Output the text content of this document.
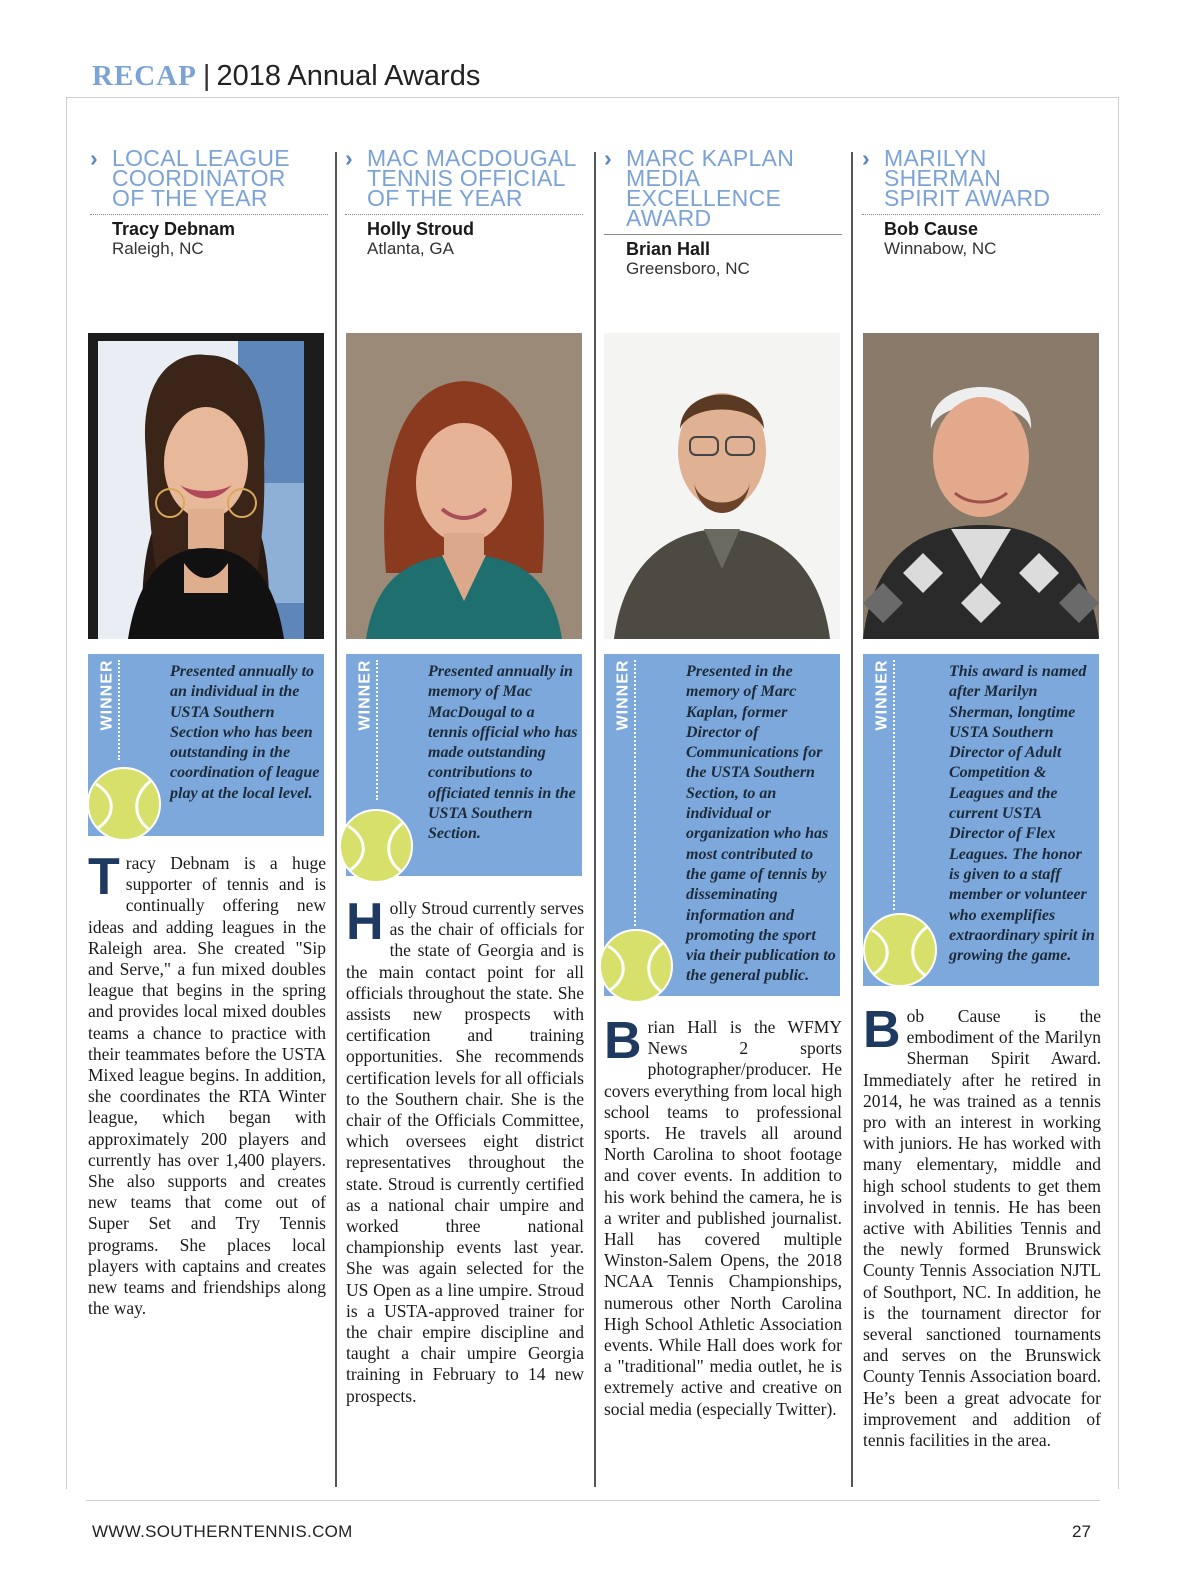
RECAP | 2018 Annual Awards
› LOCAL LEAGUE
COORDINATOR
OF THE YEAR
Tracy Debnam
Raleigh, NC
WINNER	Presented annually to an individual in the USTA Southern Section who has been outstanding in the coordination of league play at the local level.
Tracy Debnam is a huge supporter of tennis and is continually offering new ideas and adding leagues in the Raleigh area. She created "Sip and Serve," a fun mixed doubles league that begins in the spring and provides local mixed doubles teams a chance to practice with their teammates before the USTA Mixed league begins. In addition, she coordinates the RTA Winter league, which began with approximately 200 players and currently has over 1,400 players. She also supports and creates new teams that come out of Super Set and Try Tennis programs. She places local players with captains and creates new teams and friendships along the way.
› MAC MACDOUGAL
TENNIS OFFICIAL
OF THE YEAR
Holly Stroud
Atlanta, GA
WINNER	Presented annually in memory of Mac MacDougal to a tennis official who has made outstanding contributions to officiated tennis in the USTA Southern Section.
Holly Stroud currently serves as the chair of officials for the state of Georgia and is the main contact point for all officials throughout the state. She assists new prospects with certification and training opportunities. She recommends certification levels for all officials to the Southern chair. She is the chair of the Officials Committee, which oversees eight district representatives throughout the state. Stroud is currently certified as a national chair umpire and worked three national championship events last year. She was again selected for the US Open as a line umpire. Stroud is a USTA-approved trainer for the chair empire discipline and taught a chair umpire Georgia training in February to 14 new prospects.
› MARC KAPLAN
MEDIA
EXCELLENCE
AWARD
Brian Hall
Greensboro, NC
WINNER	Presented in the memory of Marc Kaplan, former Director of Communications for the USTA Southern Section, to an individual or organization who has most contributed to the game of tennis by disseminating information and promoting the sport via their publication to the general public.
Brian Hall is the WFMY News 2 sports photographer/producer. He covers everything from local high school teams to professional sports. He travels all around North Carolina to shoot footage and cover events. In addition to his work behind the camera, he is a writer and published journalist. Hall has covered multiple Winston-Salem Opens, the 2018 NCAA Tennis Championships, numerous other North Carolina High School Athletic Association events. While Hall does work for a "traditional" media outlet, he is extremely active and creative on social media (especially Twitter).
› MARILYN
SHERMAN
SPIRIT AWARD
Bob Cause
Winnabow, NC
WINNER	This award is named after Marilyn Sherman, longtime USTA Southern Director of Adult Competition & Leagues and the current USTA Director of Flex Leagues. The honor is given to a staff member or volunteer who exemplifies extraordinary spirit in growing the game.
Bob Cause is the embodiment of the Marilyn Sherman Spirit Award. Immediately after he retired in 2014, he was trained as a tennis pro with an interest in working with juniors. He has worked with many elementary, middle and high school students to get them involved in tennis. He has been active with Abilities Tennis and the newly formed Brunswick County Tennis Association NJTL of Southport, NC. In addition, he is the tournament director for several sanctioned tournaments and serves on the Brunswick County Tennis Association board. He’s been a great advocate for improvement and addition of tennis facilities in the area.
WWW.SOUTHERNTENNIS.COM	27
